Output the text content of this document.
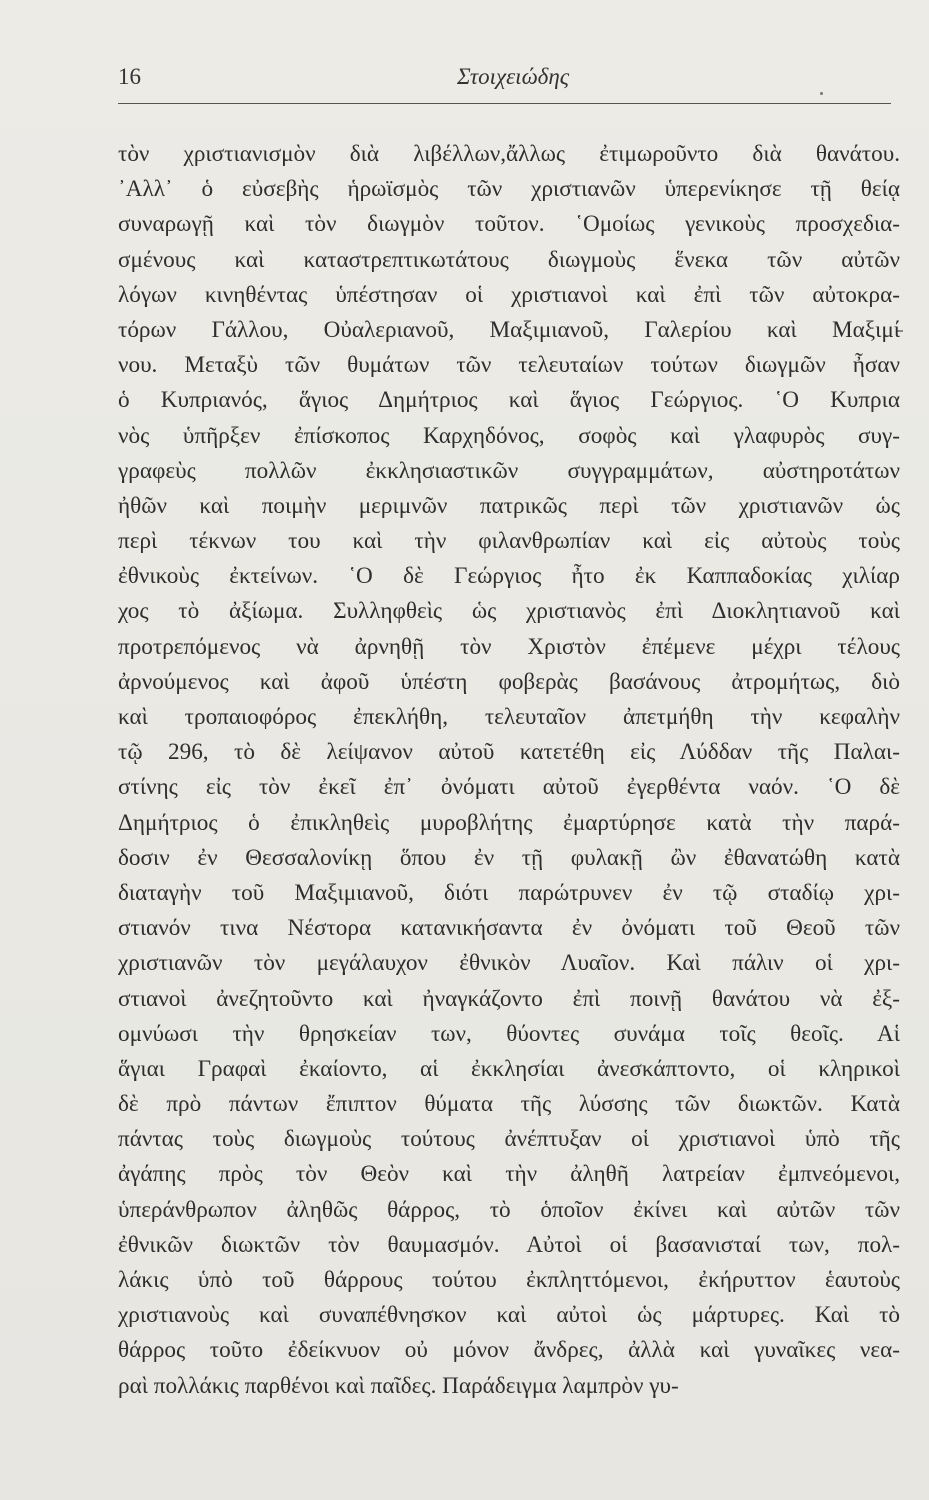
16	Στοιχειώδης
τὸν χριστιανισμὸν διὰ λιβέλλων,ἄλλως ἐτιμωροῦντο διὰ θανάτου.
᾿Αλλ᾿ ὁ εὐσεβὴς ἡρωϊσμὸς τῶν χριστιανῶν ὑπερενίκησε τῇ θείᾳ
συναρωγῇ καὶ τὸν διωγμὸν τοῦτον. ῾Ομοίως γενικοὺς προσχεδια-
σμένους καὶ καταστρεπτικωτάτους διωγμοὺς ἕνεκα τῶν αὐτῶν
λόγων κινηθέντας ὑπέστησαν οἱ χριστιανοὶ καὶ ἐπὶ τῶν αὐτοκρα-
τόρων Γάλλου, Οὐαλεριανοῦ, Μαξιμιανοῦ, Γαλερίου καὶ Μαξιμί
νου. Μεταξὺ τῶν θυμάτων τῶν τελευταίων τούτων διωγμῶν ἦσαν
ὁ Κυπριανός, ἅγιος Δημήτριος καὶ ἅγιος Γεώργιος. ῾Ο Κυπρια
νὸς ὑπῆρξεν ἐπίσκοπος Καρχηδόνος, σοφὸς καὶ γλαφυρὸς συγ-
γραφεὺς πολλῶν ἐκκλησιαστικῶν συγγραμμάτων, αὐστηροτάτων
ἠθῶν καὶ ποιμὴν μεριμνῶν πατρικῶς περὶ τῶν χριστιανῶν ὡς
περὶ τέκνων του καὶ τὴν φιλανθρωπίαν καὶ εἰς αὐτοὺς τοὺς
ἐθνικοὺς ἐκτείνων. ῾Ο δὲ Γεώργιος ἦτο ἐκ Καππαδοκίας χιλίαρ
χος τὸ ἀξίωμα. Συλληφθεὶς ὡς χριστιανὸς ἐπὶ Διοκλητιανοῦ καὶ
προτρεπόμενος νὰ ἀρνηθῇ τὸν Χριστὸν ἐπέμενε μέχρι τέλους
ἀρνούμενος καὶ ἀφοῦ ὑπέστη φοβερὰς βασάνους ἀτρομήτως, διὸ
καὶ τροπαιοφόρος ἐπεκλήθη, τελευταῖον ἀπετμήθη τὴν κεφαλὴν
τῷ 296, τὸ δὲ λείψανον αὐτοῦ κατετέθη εἰς Λύδδαν τῆς Παλαι-
στίνης εἰς τὸν ἐκεῖ ἐπ᾿ ὀνόματι αὐτοῦ ἐγερθέντα ναόν. ῾Ο δὲ
Δημήτριος ὁ ἐπικληθεὶς μυροβλήτης ἐμαρτύρησε κατὰ τὴν παρά-
δοσιν ἐν Θεσσαλονίκῃ ὅπου ἐν τῇ φυλακῇ ὢν ἐθανατώθη κατὰ
διαταγὴν τοῦ Μαξιμιανοῦ, διότι παρώτρυνεν ἐν τῷ σταδίῳ χρι-
στιανόν τινα Νέστορα κατανικήσαντα ἐν ὀνόματι τοῦ Θεοῦ τῶν
χριστιανῶν τὸν μεγάλαυχον ἐθνικὸν Λυαῖον. Καὶ πάλιν οἱ χρι-
στιανοὶ ἀνεζητοῦντο καὶ ἠναγκάζοντο ἐπὶ ποινῇ θανάτου νὰ ἐξ-
ομνύωσι τὴν θρησκείαν των, θύοντες συνάμα τοῖς θεοῖς. Αἱ
ἅγιαι Γραφαὶ ἐκαίοντο, αἱ ἐκκλησίαι ἀνεσκάπτοντο, οἱ κληρικοὶ
δὲ πρὸ πάντων ἔπιπτον θύματα τῆς λύσσης τῶν διωκτῶν. Κατὰ
πάντας τοὺς διωγμοὺς τούτους ἀνέπτυξαν οἱ χριστιανοὶ ὑπὸ τῆς
ἀγάπης πρὸς τὸν Θεὸν καὶ τὴν ἀληθῆ λατρείαν ἐμπνεόμενοι,
ὑπεράνθρωπον ἀληθῶς θάρρος, τὸ ὁποῖον ἐκίνει καὶ αὐτῶν τῶν
ἐθνικῶν διωκτῶν τὸν θαυμασμόν. Αὐτοὶ οἱ βασανισταί των, πολ-
λάκις ὑπὸ τοῦ θάρρους τούτου ἐκπληττόμενοι, ἐκήρυττον ἑαυτοὺς
χριστιανοὺς καὶ συναπέθνησκον καὶ αὐτοὶ ὡς μάρτυρες. Καὶ τὸ
θάρρος τοῦτο ἐδείκνυον οὐ μόνον ἄνδρες, ἀλλὰ καὶ γυναῖκες νεα-
ραὶ πολλάκις παρθένοι καὶ παῖδες. Παράδειγμα λαμπρὸν γυ-
